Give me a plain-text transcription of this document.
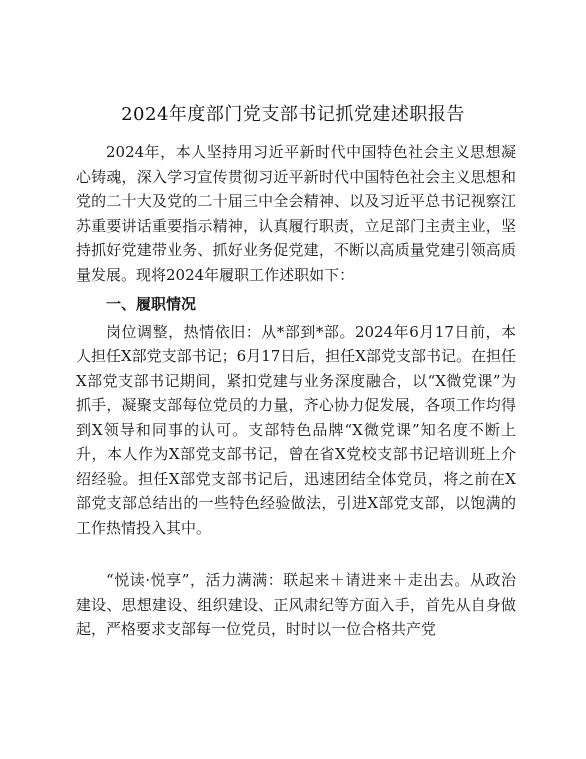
2024年度部门党支部书记抓党建述职报告

2024年，本人坚持用习近平新时代中国特色社会主义思想凝心铸魂，深入学习宣传贯彻习近平新时代中国特色社会主义思想和党的二十大及党的二十届三中全会精神、以及习近平总书记视察江苏重要讲话重要指示精神，认真履行职责，立足部门主责主业，坚持抓好党建带业务、抓好业务促党建，不断以高质量党建引领高质量发展。现将2024年履职工作述职如下：

一、履职情况

岗位调整，热情依旧：从*部到*部。2024年6月17日前，本人担任X部党支部书记；6月17日后，担任X部党支部书记。在担任X部党支部书记期间，紧扣党建与业务深度融合，以“X微党课”为抓手，凝聚支部每位党员的力量，齐心协力促发展，各项工作均得到X领导和同事的认可。支部特色品牌“X微党课”知名度不断上升，本人作为X部党支部书记，曾在省X党校支部书记培训班上介绍经验。担任X部党支部书记后，迅速团结全体党员，将之前在X部党支部总结出的一些特色经验做法，引进X部党支部，以饱满的工作热情投入其中。

“悦读·悦享”，活力满满：联起来＋请进来＋走出去。从政治建设、思想建设、组织建设、正风肃纪等方面入手，首先从自身做起，严格要求支部每一位党员，时时以一位合格共产党
